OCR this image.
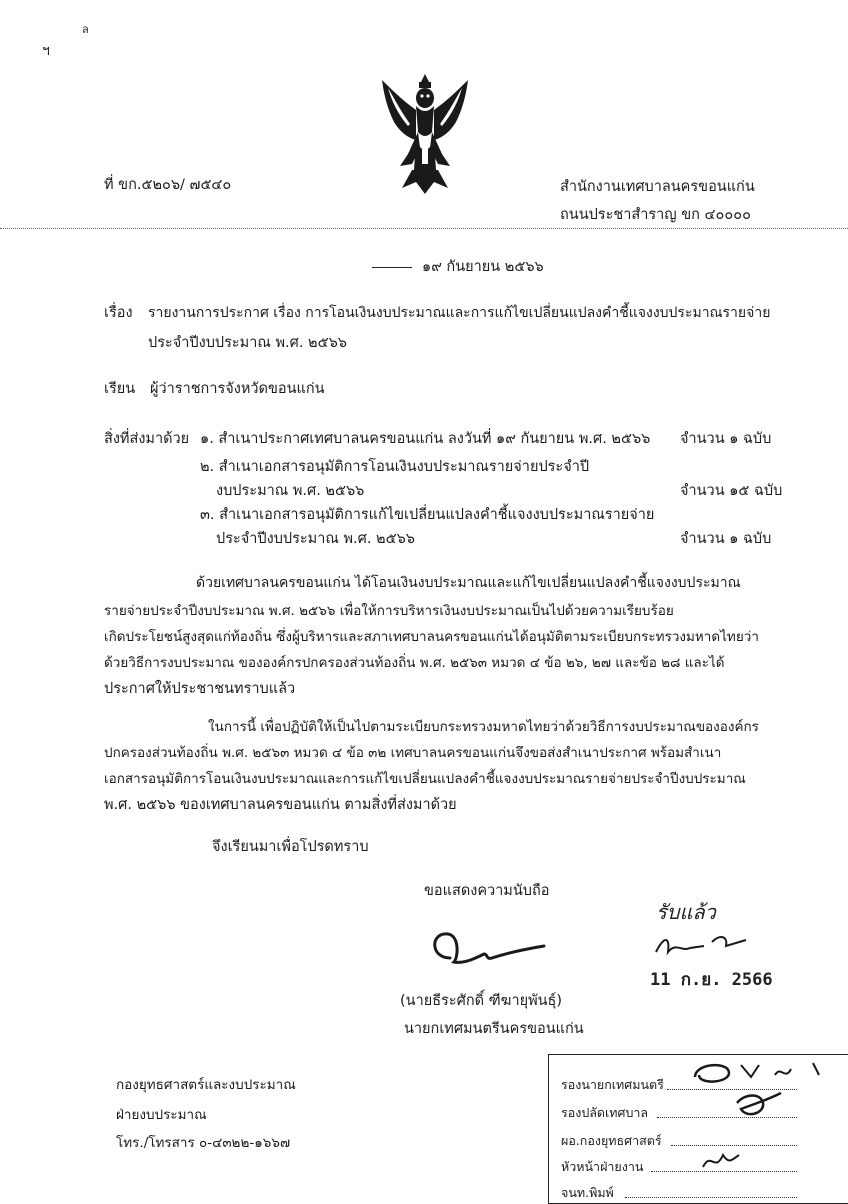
ฯ
ล
ที่ ขก.๕๒๐๖/ ๗๕๔๐	สำนักงานเทศบาลนครขอนแก่น
ถนนประชาสำราญ ขก ๔๐๐๐๐
๑๙ กันยายน ๒๕๖๖
เรื่อง รายงานการประกาศ เรื่อง การโอนเงินงบประมาณและการแก้ไขเปลี่ยนแปลงคำชี้แจงงบประมาณรายจ่าย
ประจำปีงบประมาณ พ.ศ. ๒๕๖๖
เรียน ผู้ว่าราชการจังหวัดขอนแก่น
สิ่งที่ส่งมาด้วย ๑. สำเนาประกาศเทศบาลนครขอนแก่น ลงวันที่ ๑๙ กันยายน พ.ศ. ๒๕๖๖ จำนวน ๑ ฉบับ
๒. สำเนาเอกสารอนุมัติการโอนเงินงบประมาณรายจ่ายประจำปี
งบประมาณ พ.ศ. ๒๕๖๖	จำนวน ๑๕ ฉบับ
๓. สำเนาเอกสารอนุมัติการแก้ไขเปลี่ยนแปลงคำชี้แจงงบประมาณรายจ่าย
ประจำปีงบประมาณ พ.ศ. ๒๕๖๖	จำนวน ๑ ฉบับ
ด้วยเทศบาลนครขอนแก่น ได้โอนเงินงบประมาณและแก้ไขเปลี่ยนแปลงคำชี้แจงงบประมาณ
รายจ่ายประจำปีงบประมาณ พ.ศ. ๒๕๖๖ เพื่อให้การบริหารเงินงบประมาณเป็นไปด้วยความเรียบร้อย
เกิดประโยชน์สูงสุดแก่ท้องถิ่น ซึ่งผู้บริหารและสภาเทศบาลนครขอนแก่นได้อนุมัติตามระเบียบกระทรวงมหาดไทยว่า
ด้วยวิธีการงบประมาณ ขององค์กรปกครองส่วนท้องถิ่น พ.ศ. ๒๕๖๓ หมวด ๔ ข้อ ๒๖, ๒๗ และข้อ ๒๘ และได้
ประกาศให้ประชาชนทราบแล้ว
ในการนี้ เพื่อปฏิบัติให้เป็นไปตามระเบียบกระทรวงมหาดไทยว่าด้วยวิธีการงบประมาณขององค์กร
ปกครองส่วนท้องถิ่น พ.ศ. ๒๕๖๓ หมวด ๔ ข้อ ๓๒ เทศบาลนครขอนแก่นจึงขอส่งสำเนาประกาศ พร้อมสำเนา
เอกสารอนุมัติการโอนเงินงบประมาณและการแก้ไขเปลี่ยนแปลงคำชี้แจงงบประมาณรายจ่ายประจำปีงบประมาณ
พ.ศ. ๒๕๖๖ ของเทศบาลนครขอนแก่น ตามสิ่งที่ส่งมาด้วย
จึงเรียนมาเพื่อโปรดทราบ
ขอแสดงความนับถือ
(นายธีระศักดิ์ ฑีฆายุพันธุ์)
นายกเทศมนตรีนครขอนแก่น
รับแล้ว
11 ก.ย. 2566
กองยุทธศาสตร์และงบประมาณ
ฝ่ายงบประมาณ
โทร./โทรสาร ๐-๔๓๒๒-๑๖๖๗
รองนายกเทศมนตรี
รองปลัดเทศบาล
ผอ.กองยุทธศาสตร์
หัวหน้าฝ่ายงาน
จนท.พิมพ์
